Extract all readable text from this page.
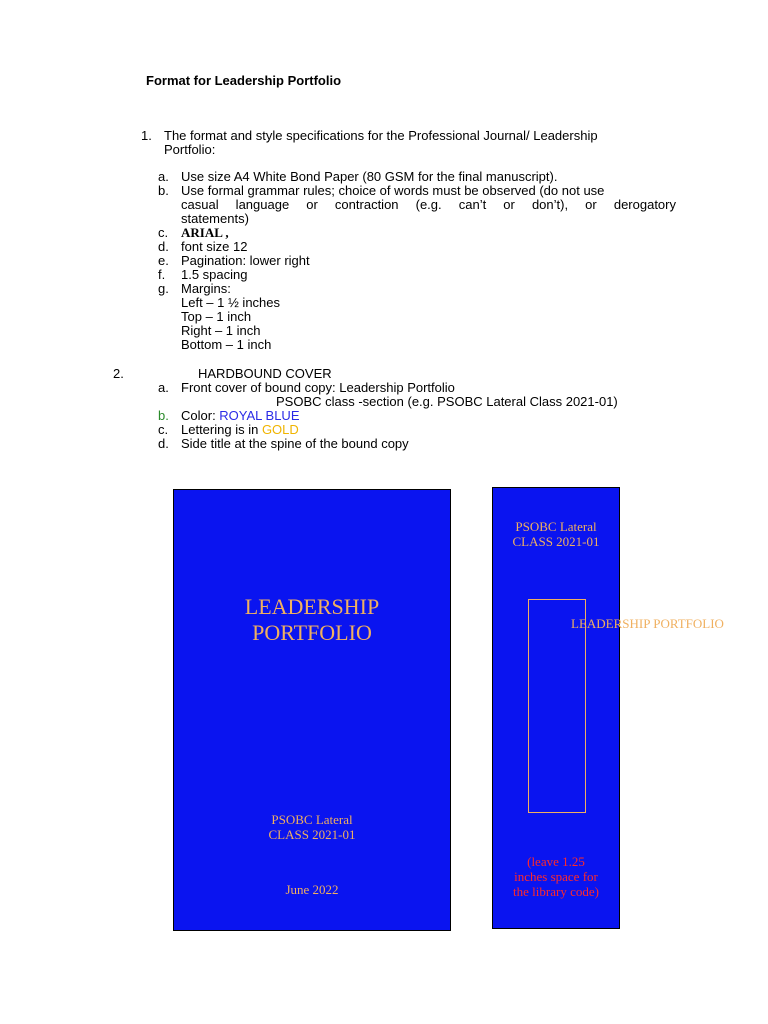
Format for Leadership Portfolio
1. The format and style specifications for the Professional Journal/ Leadership
Portfolio:
a. Use size A4 White Bond Paper (80 GSM for the final manuscript).
b. Use formal grammar rules; choice of words must be observed (do not use
casual language or contraction (e.g. can’t or don’t), or derogatory
statements)
c. ARIAL ,
d. font size 12
e. Pagination: lower right
f. 1.5 spacing
g. Margins:
Left – 1 ½ inches
Top – 1 inch
Right – 1 inch
Bottom – 1 inch
2.	HARDBOUND COVER
a. Front cover of bound copy: Leadership Portfolio
PSOBC class -section (e.g. PSOBC Lateral Class 2021-01)
b. Color: ROYAL BLUE
c. Lettering is in GOLD
d. Side title at the spine of the bound copy
LEADERSHIP
PORTFOLIO
PSOBC Lateral
CLASS 2021-01
June 2022
PSOBC Lateral
CLASS 2021-01
(leave 1.25
inches space for
the library code)
LEADERSHIP PORTFOLIO
